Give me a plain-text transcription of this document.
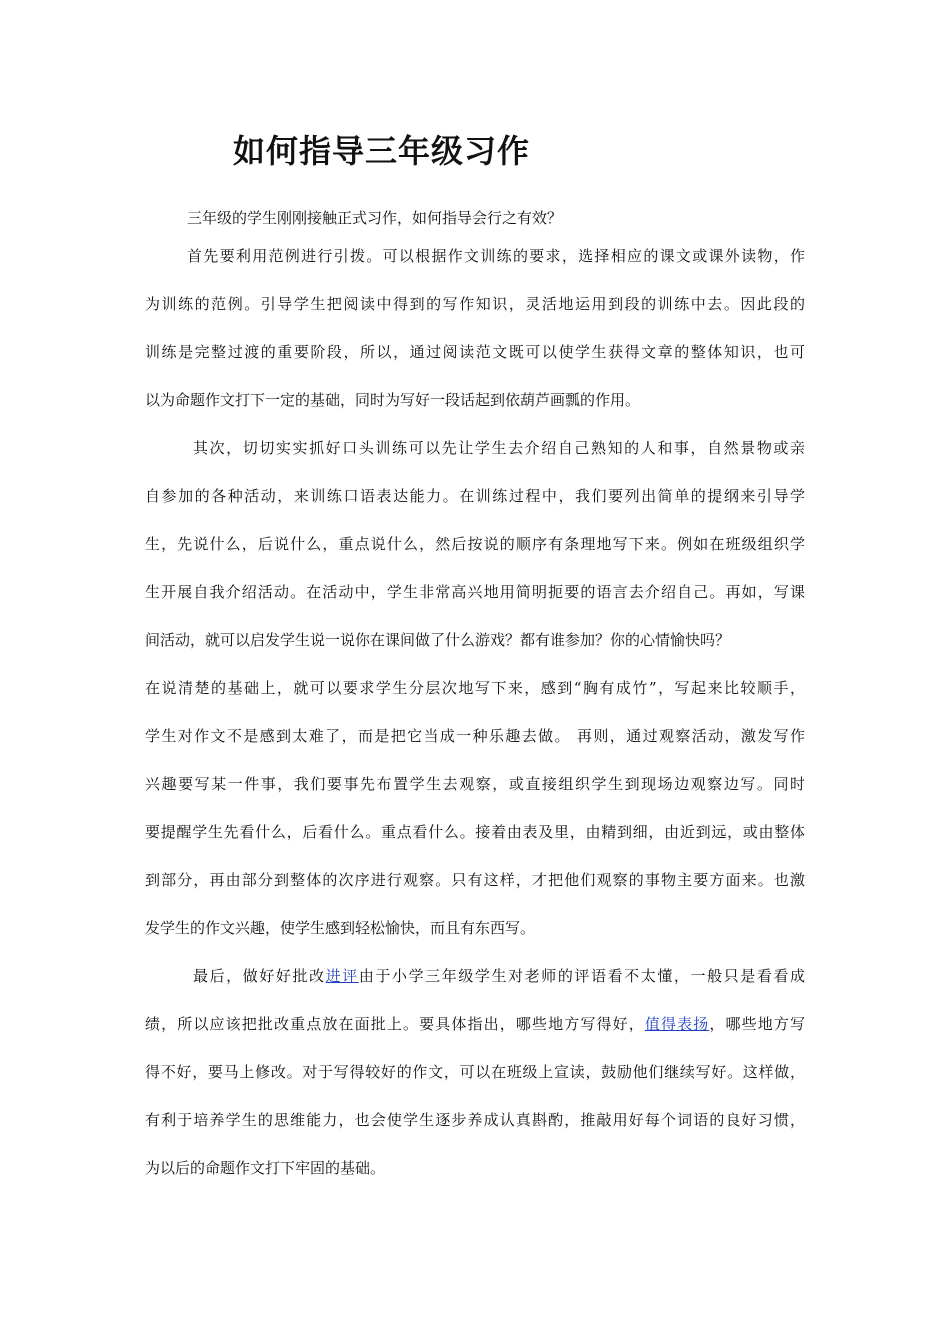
如何指导三年级习作
三年级的学生刚刚接触正式习作，如何指导会行之有效？
首先要利用范例进行引拨。可以根据作文训练的要求，选择相应的课文或课外读物，作
为训练的范例。引导学生把阅读中得到的写作知识，灵活地运用到段的训练中去。因此段的
训练是完整过渡的重要阶段，所以，通过阅读范文既可以使学生获得文章的整体知识，也可
以为命题作文打下一定的基础，同时为写好一段话起到依葫芦画瓢的作用。
其次，切切实实抓好口头训练可以先让学生去介绍自己熟知的人和事，自然景物或亲
自参加的各种活动，来训练口语表达能力。在训练过程中，我们要列出简单的提纲来引导学
生，先说什么，后说什么，重点说什么，然后按说的顺序有条理地写下来。例如在班级组织学
生开展自我介绍活动。在活动中，学生非常高兴地用简明扼要的语言去介绍自己。再如，写课
间活动，就可以启发学生说一说你在课间做了什么游戏？都有谁参加？你的心情愉快吗？
在说清楚的基础上，就可以要求学生分层次地写下来，感到“胸有成竹”，写起来比较顺手，
学生对作文不是感到太难了，而是把它当成一种乐趣去做。 再则，通过观察活动，激发写作
兴趣要写某一件事，我们要事先布置学生去观察，或直接组织学生到现场边观察边写。同时
要提醒学生先看什么，后看什么。重点看什么。接着由表及里，由精到细，由近到远，或由整体
到部分，再由部分到整体的次序进行观察。只有这样，才把他们观察的事物主要方面来。也激
发学生的作文兴趣，使学生感到轻松愉快，而且有东西写。
最后，做好好批改进评由于小学三年级学生对老师的评语看不太懂，一般只是看看成
绩，所以应该把批改重点放在面批上。要具体指出，哪些地方写得好，值得表扬，哪些地方写
得不好，要马上修改。对于写得较好的作文，可以在班级上宣读，鼓励他们继续写好。这样做，
有利于培养学生的思维能力，也会使学生逐步养成认真斟酌，推敲用好每个词语的良好习惯，
为以后的命题作文打下牢固的基础。
